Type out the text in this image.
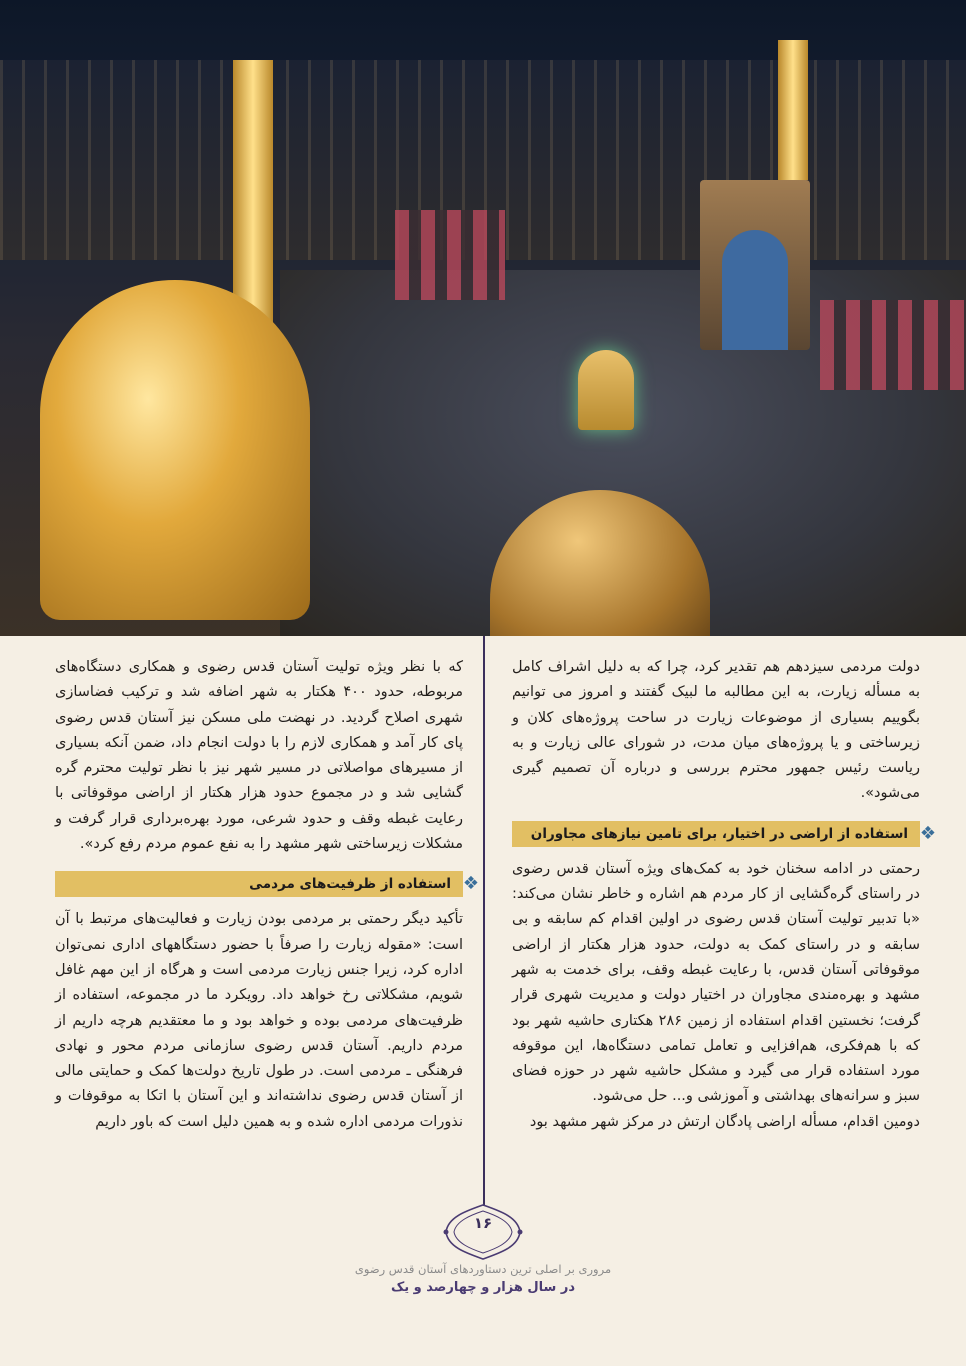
دولت مردمی سیزدهم هم تقدیر کرد، چرا که به دلیل اشراف کامل به مسأله زیارت، به این مطالبه ما لبیک گفتند و امروز می توانیم بگوییم بسیاری از موضوعات زیارت در ساحت پروژه‌های کلان و زیرساختی و یا پروژه‌های میان مدت، در شورای عالی زیارت و به ریاست رئیس جمهور محترم بررسی و درباره آن تصمیم گیری می‌شود».

❖
استفاده از اراضی در اختیار، برای تامین نیازهای مجاوران

رحمتی در ادامه سخنان خود به کمک‌های ویژه آستان قدس رضوی در راستای گره‌گشایی از کار مردم هم اشاره و خاطر نشان می‌کند: «با تدبیر تولیت آستان قدس رضوی در اولین اقدام کم سابقه و بی سابقه و در راستای کمک به دولت، حدود هزار هکتار از اراضی موقوفاتی آستان قدس، با رعایت غبطه وقف، برای خدمت به شهر مشهد و بهره‌مندی مجاوران در اختیار دولت و مدیریت شهری قرار گرفت؛ نخستین اقدام استفاده از زمین ۲۸۶ هکتاری حاشیه شهر بود که با هم‌فکری، هم‌افزایی و تعامل تمامی دستگاه‌ها، این موقوفه مورد استفاده قرار می گیرد و مشکل حاشیه شهر در حوزه فضای سبز و سرانه‌های بهداشتی و آموزشی و... حل می‌شود.

دومین اقدام، مسأله اراضی پادگان ارتش در مرکز شهر مشهد بود

که با نظر ویژه تولیت آستان قدس رضوی و همکاری دستگاه‌های مربوطه، حدود ۴۰۰ هکتار به شهر اضافه شد و ترکیب فضاسازی شهری اصلاح گردید. در نهضت ملی مسکن نیز آستان قدس رضوی پای کار آمد و همکاری لازم را با دولت انجام داد، ضمن آنکه بسیاری از مسیرهای مواصلاتی در مسیر شهر نیز با نظر تولیت محترم گره گشایی شد و در مجموع حدود هزار هکتار از اراضی موقوفاتی با رعایت غبطه وقف و حدود شرعی، مورد بهره‌برداری قرار گرفت و مشکلات زیرساختی شهر مشهد را به نفع عموم مردم رفع کرد».

❖
استفاده از ظرفیت‌های مردمی

تأکید دیگر رحمتی بر مردمی بودن زیارت و فعالیت‌های مرتبط با آن است: «مقوله زیارت را صرفاً با حضور دستگاههای اداری نمی‌توان اداره کرد، زیرا جنس زیارت مردمی است و هرگاه از این مهم غافل شویم، مشکلاتی رخ خواهد داد. رویکرد ما در مجموعه، استفاده از ظرفیت‌های مردمی بوده و خواهد بود و ما معتقدیم هرچه داریم از مردم داریم. آستان قدس رضوی سازمانی مردم محور و نهادی فرهنگی ـ مردمی است. در طول تاریخ دولت‌ها کمک و حمایتی مالی از آستان قدس رضوی نداشته‌اند و این آستان با اتکا به موقوفات و نذورات مردمی اداره شده و به همین دلیل است که باور داریم

۱۶
مروری بر اصلی ترین دستاوردهای آستان قدس رضوی
در سال هزار و چهارصد و یک
